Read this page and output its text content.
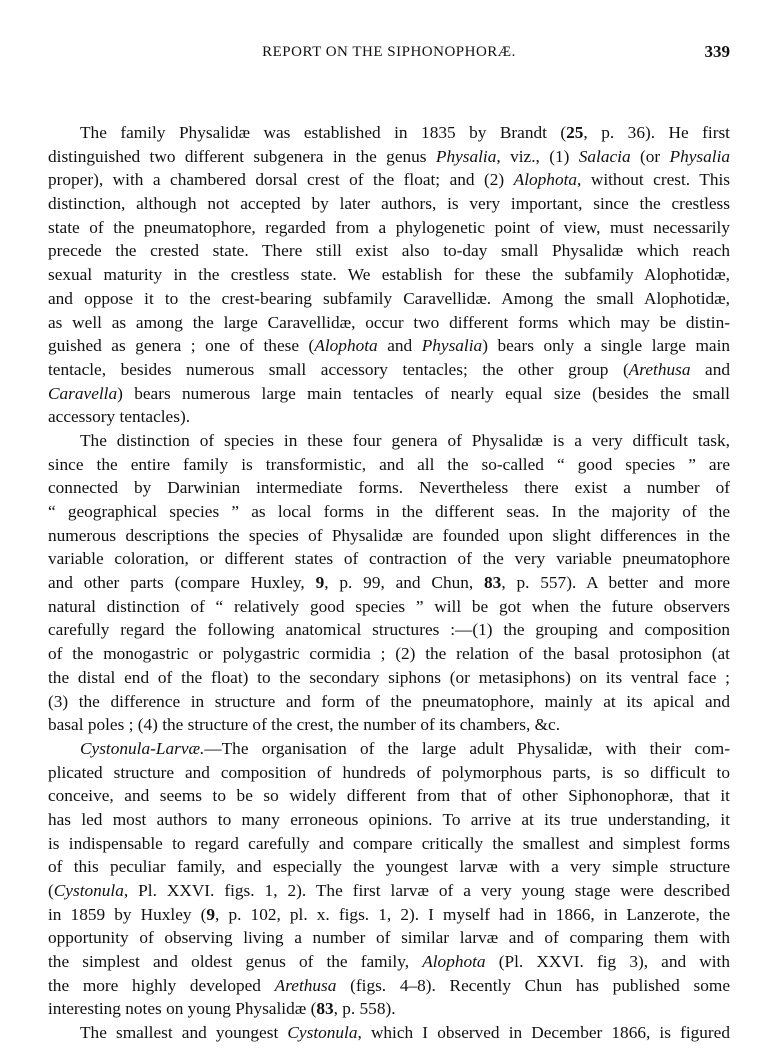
REPORT ON THE SIPHONOPHORÆ.	339
The family Physalidæ was established in 1835 by Brandt (25, p. 36). He first
distinguished two different subgenera in the genus Physalia, viz., (1) Salacia (or Physalia
proper), with a chambered dorsal crest of the float; and (2) Alophota, without crest. This
distinction, although not accepted by later authors, is very important, since the crestless
state of the pneumatophore, regarded from a phylogenetic point of view, must necessarily
precede the crested state. There still exist also to-day small Physalidæ which reach
sexual maturity in the crestless state. We establish for these the subfamily Alophotidæ,
and oppose it to the crest-bearing subfamily Caravellidæ. Among the small Alophotidæ,
as well as among the large Caravellidæ, occur two different forms which may be distin-
guished as genera ; one of these (Alophota and Physalia) bears only a single large main
tentacle, besides numerous small accessory tentacles; the other group (Arethusa and
Caravella) bears numerous large main tentacles of nearly equal size (besides the small
accessory tentacles).
The distinction of species in these four genera of Physalidæ is a very difficult task,
since the entire family is transformistic, and all the so-called “ good species ” are
connected by Darwinian intermediate forms. Nevertheless there exist a number of
“ geographical species ” as local forms in the different seas. In the majority of the
numerous descriptions the species of Physalidæ are founded upon slight differences in the
variable coloration, or different states of contraction of the very variable pneumatophore
and other parts (compare Huxley, 9, p. 99, and Chun, 83, p. 557). A better and more
natural distinction of “ relatively good species ” will be got when the future observers
carefully regard the following anatomical structures :—(1) the grouping and composition
of the monogastric or polygastric cormidia ; (2) the relation of the basal protosiphon (at
the distal end of the float) to the secondary siphons (or metasiphons) on its ventral face ;
(3) the difference in structure and form of the pneumatophore, mainly at its apical and
basal poles ; (4) the structure of the crest, the number of its chambers, &c.
Cystonula-Larvæ.—The organisation of the large adult Physalidæ, with their com-
plicated structure and composition of hundreds of polymorphous parts, is so difficult to
conceive, and seems to be so widely different from that of other Siphonophoræ, that it
has led most authors to many erroneous opinions. To arrive at its true understanding, it
is indispensable to regard carefully and compare critically the smallest and simplest forms
of this peculiar family, and especially the youngest larvæ with a very simple structure
(Cystonula, Pl. XXVI. figs. 1, 2). The first larvæ of a very young stage were described
in 1859 by Huxley (9, p. 102, pl. x. figs. 1, 2). I myself had in 1866, in Lanzerote, the
opportunity of observing living a number of similar larvæ and of comparing them with
the simplest and oldest genus of the family, Alophota (Pl. XXVI. fig 3), and with
the more highly developed Arethusa (figs. 4–8). Recently Chun has published some
interesting notes on young Physalidæ (83, p. 558).
The smallest and youngest Cystonula, which I observed in December 1866, is figured
